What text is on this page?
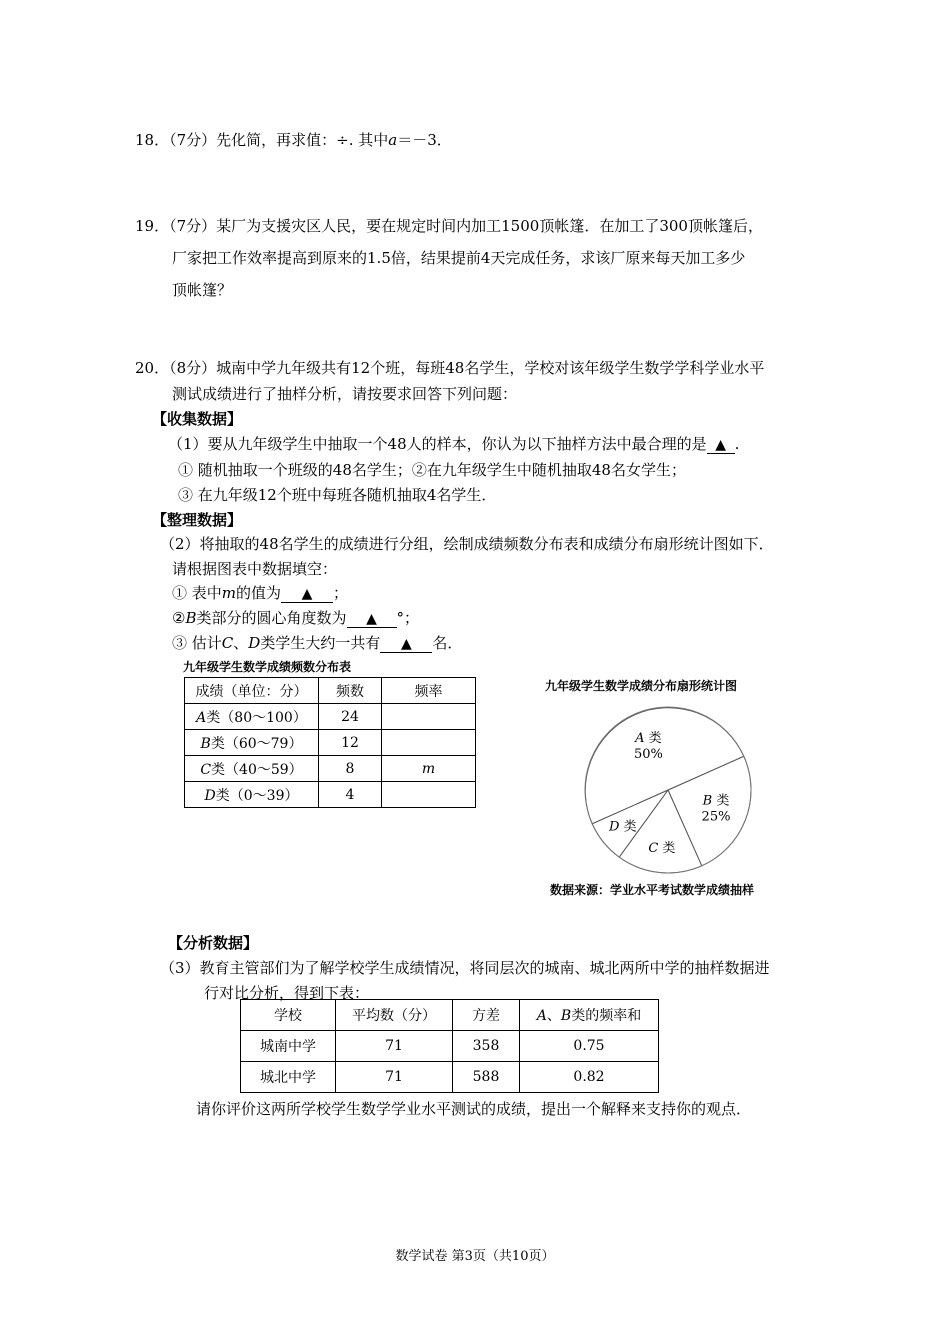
18．（7分）先化简，再求值：÷. 其中a＝－3．
19．（7分）某厂为支援灾区人民，要在规定时间内加工1500顶帐篷．在加工了300顶帐篷后，
厂家把工作效率提高到原来的1.5倍，结果提前4天完成任务，求该厂原来每天加工多少
顶帐篷？
20．（8分）城南中学九年级共有12个班，每班48名学生，学校对该年级学生数学学科学业水平
测试成绩进行了抽样分析，请按要求回答下列问题：
【收集数据】
（1）要从九年级学生中抽取一个48人的样本，你认为以下抽样方法中最合理的是 ▲ .
① 随机抽取一个班级的48名学生；②在九年级学生中随机抽取48名女学生；
③ 在九年级12个班中每班各随机抽取4名学生．
【整理数据】
（2）将抽取的48名学生的成绩进行分组，绘制成绩频数分布表和成绩分布扇形统计图如下．
请根据图表中数据填空：
① 表中m的值为 ▲ ；
②B类部分的圆心角度数为 ▲ °；
③ 估计C、D类学生大约一共有 ▲ 名．
九年级学生数学成绩频数分布表
成绩（单位：分）	频数	频率
A类（80～100）	24	
B类（60～79）	12	
C类（40～59）	8	m
D类（0～39）	4	
九年级学生数学成绩分布扇形统计图
B 类
25%
C 类
D 类
A 类
50%
数据来源：学业水平考试数学成绩抽样
【分析数据】
（3）教育主管部们为了解学校学生成绩情况，将同层次的城南、城北两所中学的抽样数据进
行对比分析，得到下表：
学校	平均数（分）	方差	A、B类的频率和
城南中学	71	358	0.75
城北中学	71	588	0.82
请你评价这两所学校学生数学学业水平测试的成绩，提出一个解释来支持你的观点．
数学试卷 第3页（共10页）
